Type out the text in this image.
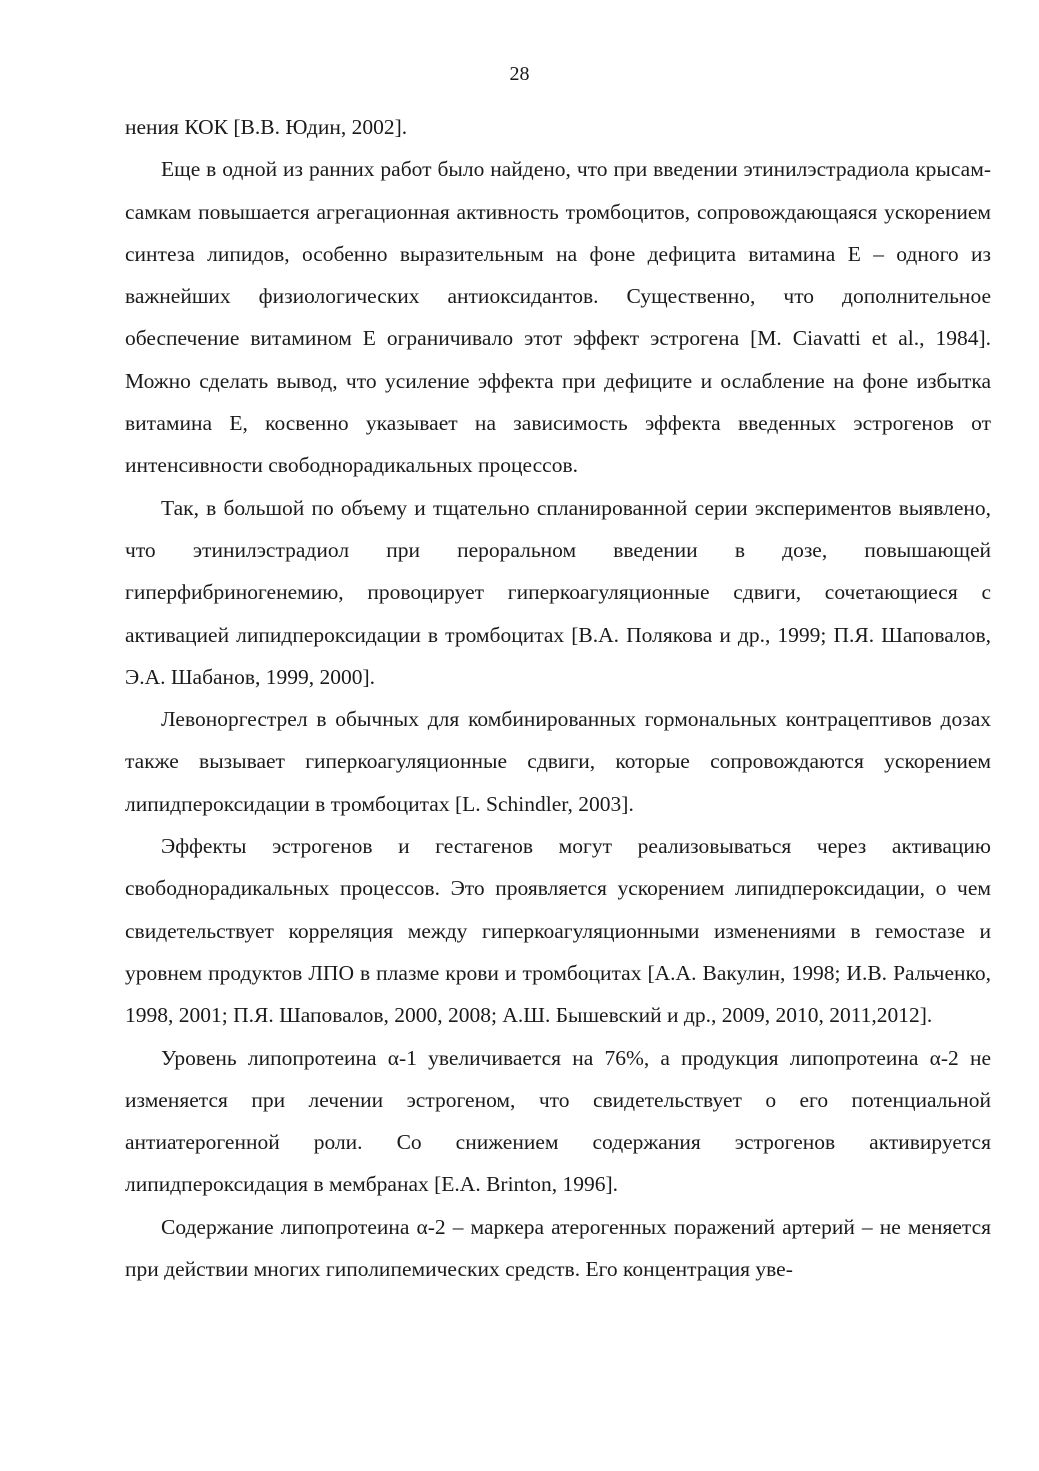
28

нения КОК [В.В. Юдин, 2002].

Еще в одной из ранних работ было найдено, что при введении этинилэстрадиола крысам-самкам повышается агрегационная активность тромбоцитов, сопровождающаяся ускорением синтеза липидов, особенно выразительным на фоне дефицита витамина Е – одного из важнейших физиологических антиоксидантов. Существенно, что дополнительное обеспечение витамином Е ограничивало этот эффект эстрогена [M. Ciavatti et al., 1984]. Можно сделать вывод, что усиление эффекта при дефиците и ослабление на фоне избытка витамина Е, косвенно указывает на зависимость эффекта введенных эстрогенов от интенсивности свободнорадикальных процессов.

Так, в большой по объему и тщательно спланированной серии экспериментов выявлено, что этинилэстрадиол при пероральном введении в дозе, повышающей гиперфибриногенемию, провоцирует гиперкоагуляционные сдвиги, сочетающиеся с активацией липидпероксидации в тромбоцитах [В.А. Полякова и др., 1999; П.Я. Шаповалов, Э.А. Шабанов, 1999, 2000].

Левоноргестрел в обычных для комбинированных гормональных контрацептивов дозах также вызывает гиперкоагуляционные сдвиги, которые сопровождаются ускорением липидпероксидации в тромбоцитах [L. Schindler, 2003].

Эффекты эстрогенов и гестагенов могут реализовываться через активацию свободнорадикальных процессов. Это проявляется ускорением липидпероксидации, о чем свидетельствует корреляция между гиперкоагуляционными изменениями в гемостазе и уровнем продуктов ЛПО в плазме крови и тромбоцитах [А.А. Вакулин, 1998; И.В. Ральченко, 1998, 2001; П.Я. Шаповалов, 2000, 2008; А.Ш. Бышевский и др., 2009, 2010, 2011,2012].

Уровень липопротеина α-1 увеличивается на 76%, а продукция липопротеина α-2 не изменяется при лечении эстрогеном, что свидетельствует о его потенциальной антиатерогенной роли. Со снижением содержания эстрогенов активируется липидпероксидация в мембранах [E.A. Brinton, 1996].

Содержание липопротеина α-2 – маркера атерогенных поражений артерий – не меняется при действии многих гиполипемических средств. Его концентрация уве-
